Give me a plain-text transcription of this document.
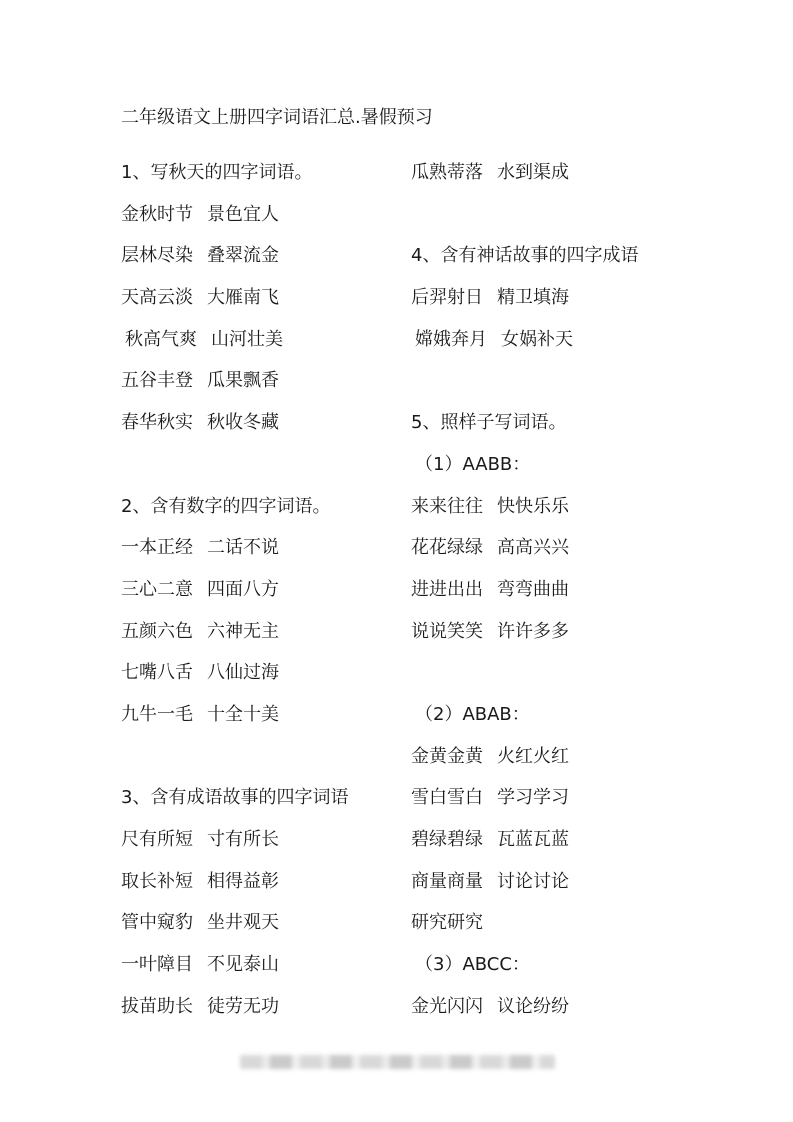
二年级语文上册四字词语汇总.暑假预习
1、写秋天的四字词语。
金秋时节 景色宜人
层林尽染 叠翠流金
天高云淡 大雁南飞
秋高气爽 山河壮美
五谷丰登 瓜果飘香
春华秋实 秋收冬藏
2、含有数字的四字词语。
一本正经 二话不说
三心二意 四面八方
五颜六色 六神无主
七嘴八舌 八仙过海
九牛一毛 十全十美
3、含有成语故事的四字词语
尺有所短 寸有所长
取长补短 相得益彰
管中窥豹 坐井观天
一叶障目 不见泰山
拔苗助长 徒劳无功
瓜熟蒂落 水到渠成
4、含有神话故事的四字成语
后羿射日 精卫填海
嫦娥奔月 女娲补天
5、照样子写词语。
（1）AABB：
来来往往 快快乐乐
花花绿绿 高高兴兴
进进出出 弯弯曲曲
说说笑笑 许许多多
（2）ABAB：
金黄金黄 火红火红
雪白雪白 学习学习
碧绿碧绿 瓦蓝瓦蓝
商量商量 讨论讨论
研究研究
（3）ABCC：
金光闪闪 议论纷纷
